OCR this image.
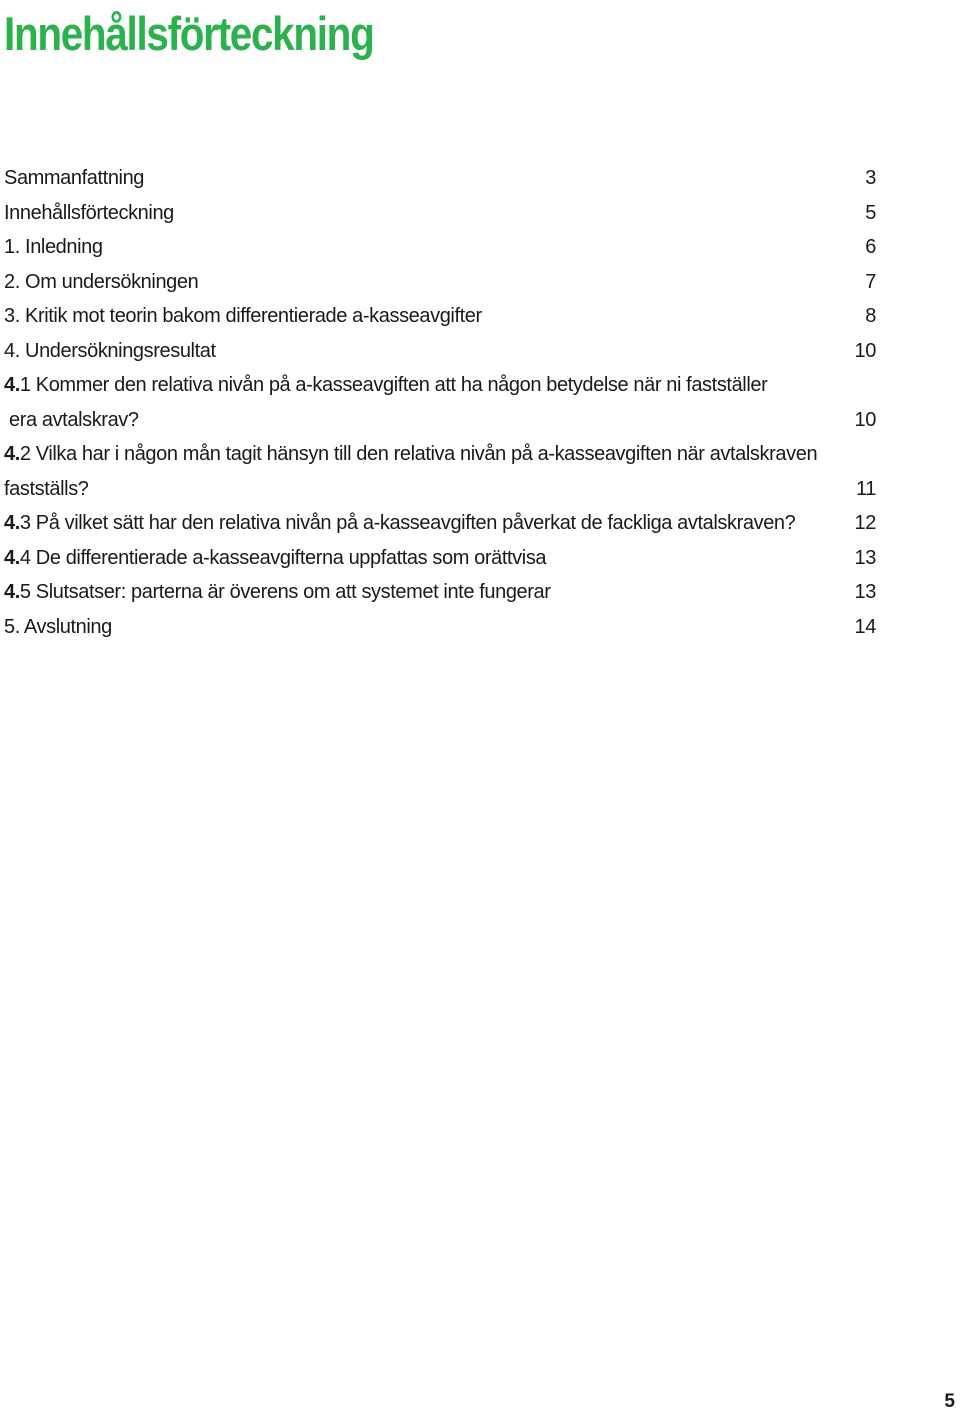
Innehållsförteckning
Sammanfattning	3
Innehållsförteckning	5
1. Inledning	6
2. Om undersökningen	7
3. Kritik mot teorin bakom differentierade a-kasseavgifter	8
4. Undersökningsresultat	10
4.1 Kommer den relativa nivån på a-kasseavgiften att ha någon betydelse när ni fastställer
era avtalskrav?	10
4.2 Vilka har i någon mån tagit hänsyn till den relativa nivån på a-kasseavgiften när avtalskraven
fastställs?	11
4.3 På vilket sätt har den relativa nivån på a-kasseavgiften påverkat de fackliga avtalskraven?	12
4.4 De differentierade a-kasseavgifterna uppfattas som orättvisa	13
4.5 Slutsatser: parterna är överens om att systemet inte fungerar	13
5. Avslutning	14
5
